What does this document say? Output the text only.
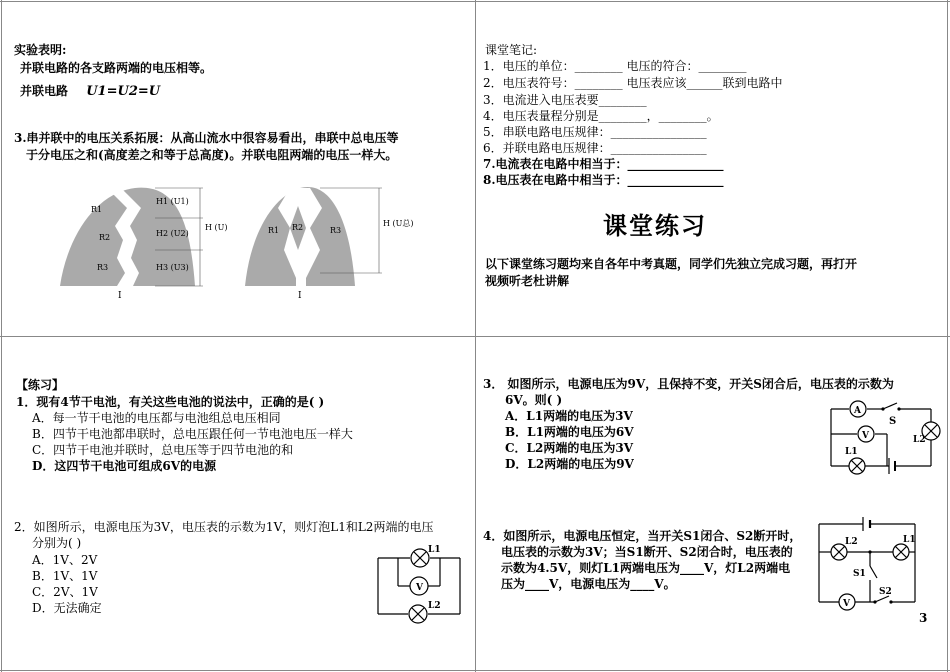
实验表明:
并联电路的各支路两端的电压相等。
并联电路 U1=U2=U
3.串并联中的电压关系拓展：从高山流水中很容易看出，串联中总电压等
于分电压之和(高度差之和等于总高度)。并联电阻两端的电压一样大。
R1
R2
R3
H1 (U1)
H2 (U2)
H3 (U3)
H (U)
I
R1 R2	R3
H (U总)
I
课堂笔记:
1．电压的单位：________ 电压的符合：________
2．电压表符号：________ 电压表应该______联到电路中
3．电流进入电压表要________
4．电压表量程分别是________，________。
5．串联电路电压规律：________________
6．并联电路电压规律：________________
7.电流表在电路中相当于：________________
8.电压表在电路中相当于：________________
课堂练习
以下课堂练习题均来自各年中考真题，同学们先独立完成习题，再打开
视频听老杜讲解
【练习】
1．现有4节干电池，有关这些电池的说法中，正确的是( )
A．每一节干电池的电压都与电池组总电压相同
B．四节干电池都串联时，总电压跟任何一节电池电压一样大
C．四节干电池并联时，总电压等于四节电池的和
D．这四节干电池可组成6V的电源
2．如图所示，电源电压为3V，电压表的示数为1V，则灯泡L1和L2两端的电压
分别为( )
A．1V、2V
B．1V、1V
C．2V、1V
D．无法确定
V
L1
L2
3． 如图所示，电源电压为9V，且保持不变，开关S闭合后，电压表的示数为
6V。则( )
A．L1两端的电压为3V
B．L1两端的电压为6V
C．L2两端的电压为3V
D．L2两端的电压为9V
A
S
V
L1
L2
4．如图所示，电源电压恒定，当开关S1闭合、S2断开时，
电压表的示数为3V；当S1断开、S2闭合时，电压表的
示数为4.5V，则灯L1两端电压为____V，灯L2两端电
压为____V，电源电压为____V。
V
L2	L1
S1
S2
3
